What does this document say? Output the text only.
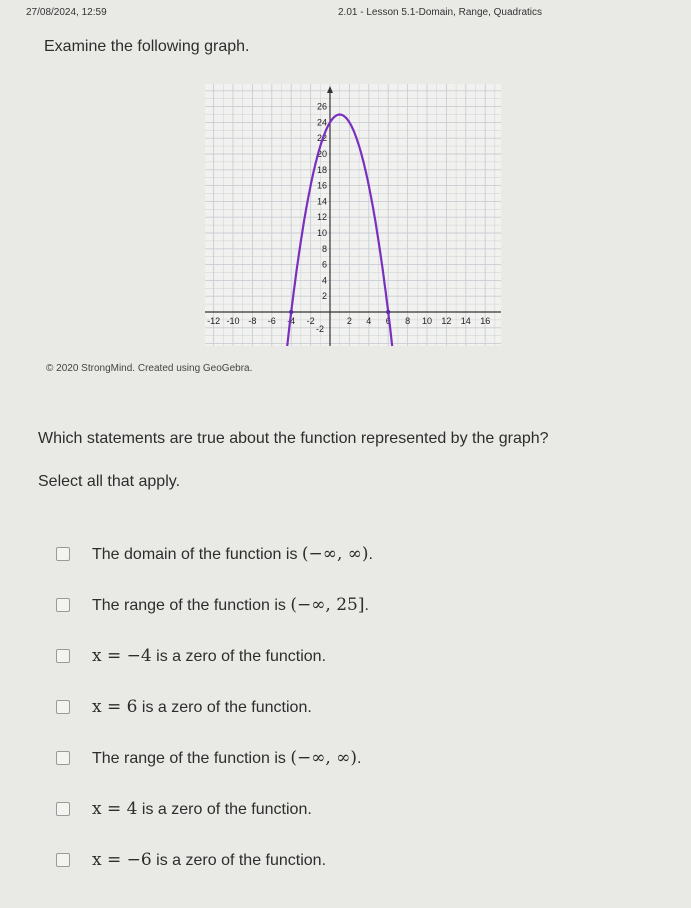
27/08/2024, 12:59	2.01 - Lesson 5.1-Domain, Range, Quadratics
Examine the following graph.
2
4
6
8
10
12
14
16
18
20
22
24
26
-2
-12 -10 -8 -6 -4 -2	2 4 6 8 10 12 14 16
© 2020 StrongMind. Created using GeoGebra.
Which statements are true about the function represented by the graph?
Select all that apply.
The domain of the function is (−∞, ∞).
The range of the function is (−∞, 25].
x = −4 is a zero of the function.
x = 6 is a zero of the function.
The range of the function is (−∞, ∞).
x = 4 is a zero of the function.
x = −6 is a zero of the function.
